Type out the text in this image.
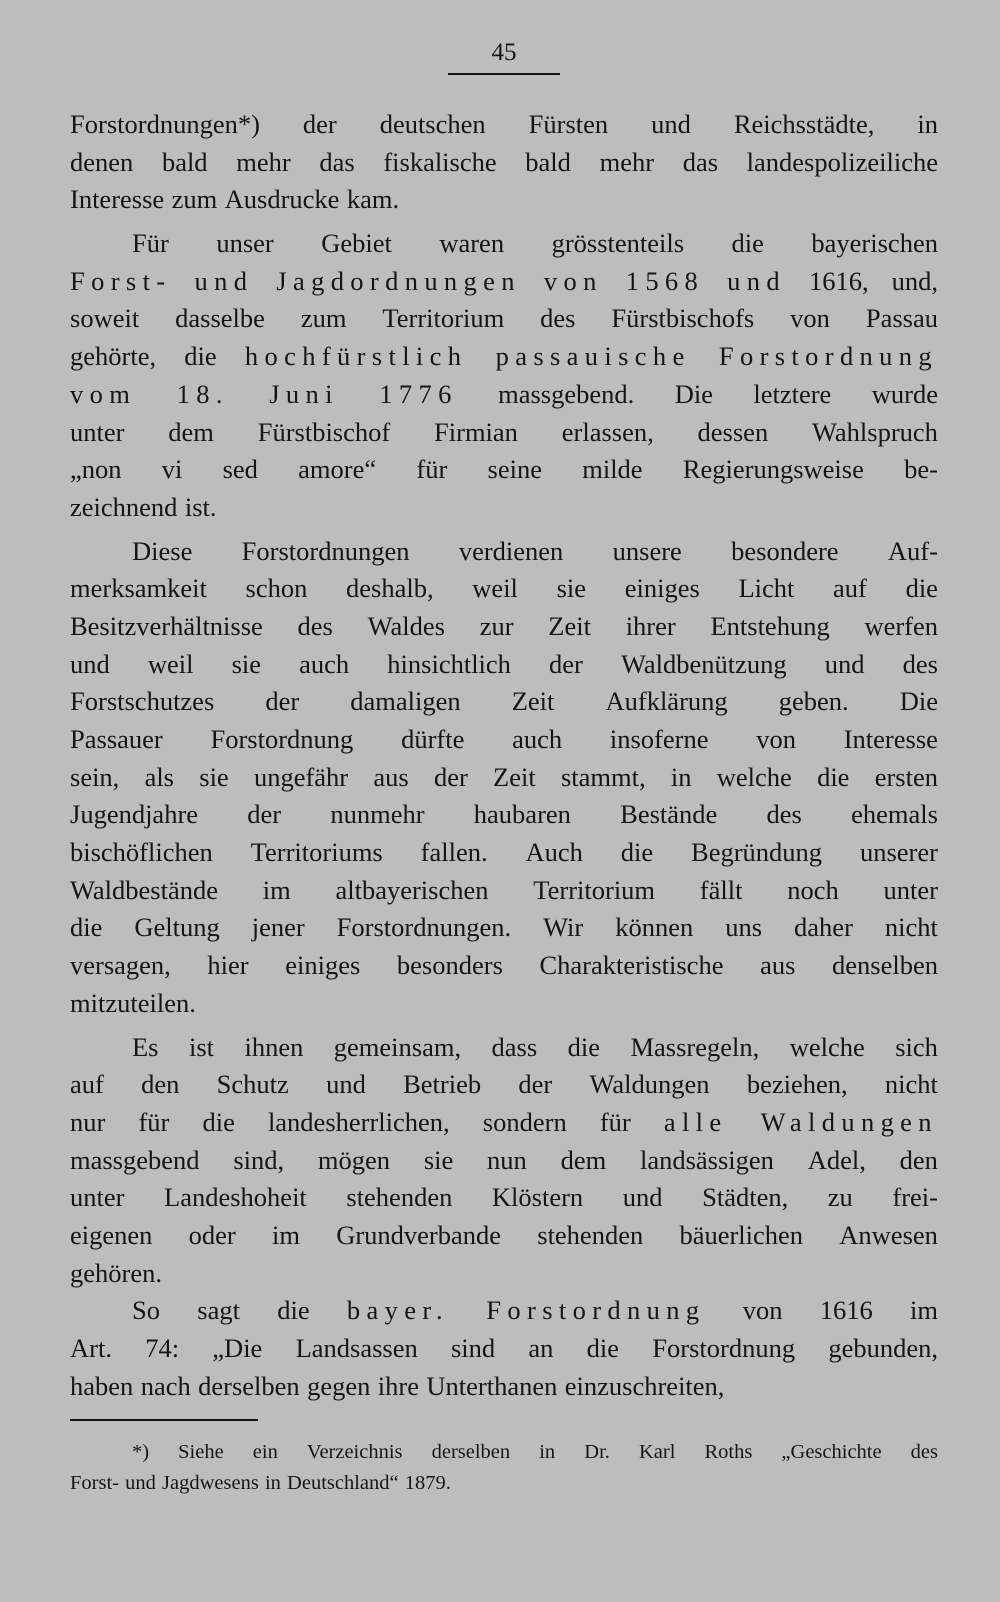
45
Forstordnungen*) der deutschen Fürsten und Reichsstädte, in
denen bald mehr das fiskalische bald mehr das landespolizeiliche
Interesse zum Ausdrucke kam.
Für unser Gebiet waren grösstenteils die bayerischen
Forst- und Jagdordnungen von 1568 und 1616, und,
soweit dasselbe zum Territorium des Fürstbischofs von Passau
gehörte, die hochfürstlich passauische Forstordnung
vom 18. Juni 1776 massgebend. Die letztere wurde
unter dem Fürstbischof Firmian erlassen, dessen Wahlspruch
„non vi sed amore“ für seine milde Regierungsweise be-
zeichnend ist.
Diese Forstordnungen verdienen unsere besondere Auf-
merksamkeit schon deshalb, weil sie einiges Licht auf die
Besitzverhältnisse des Waldes zur Zeit ihrer Entstehung werfen
und weil sie auch hinsichtlich der Waldbenützung und des
Forstschutzes der damaligen Zeit Aufklärung geben. Die
Passauer Forstordnung dürfte auch insoferne von Interesse
sein, als sie ungefähr aus der Zeit stammt, in welche die ersten
Jugendjahre der nunmehr haubaren Bestände des ehemals
bischöflichen Territoriums fallen. Auch die Begründung unserer
Waldbestände im altbayerischen Territorium fällt noch unter
die Geltung jener Forstordnungen. Wir können uns daher nicht
versagen, hier einiges besonders Charakteristische aus denselben
mitzuteilen.
Es ist ihnen gemeinsam, dass die Massregeln, welche sich
auf den Schutz und Betrieb der Waldungen beziehen, nicht
nur für die landesherrlichen, sondern für alle Waldungen
massgebend sind, mögen sie nun dem landsässigen Adel, den
unter Landeshoheit stehenden Klöstern und Städten, zu frei-
eigenen oder im Grundverbande stehenden bäuerlichen Anwesen
gehören.
So sagt die bayer. Forstordnung von 1616 im
Art. 74: „Die Landsassen sind an die Forstordnung gebunden,
haben nach derselben gegen ihre Unterthanen einzuschreiten,
*) Siehe ein Verzeichnis derselben in Dr. Karl Roths „Geschichte des
Forst- und Jagdwesens in Deutschland“ 1879.
